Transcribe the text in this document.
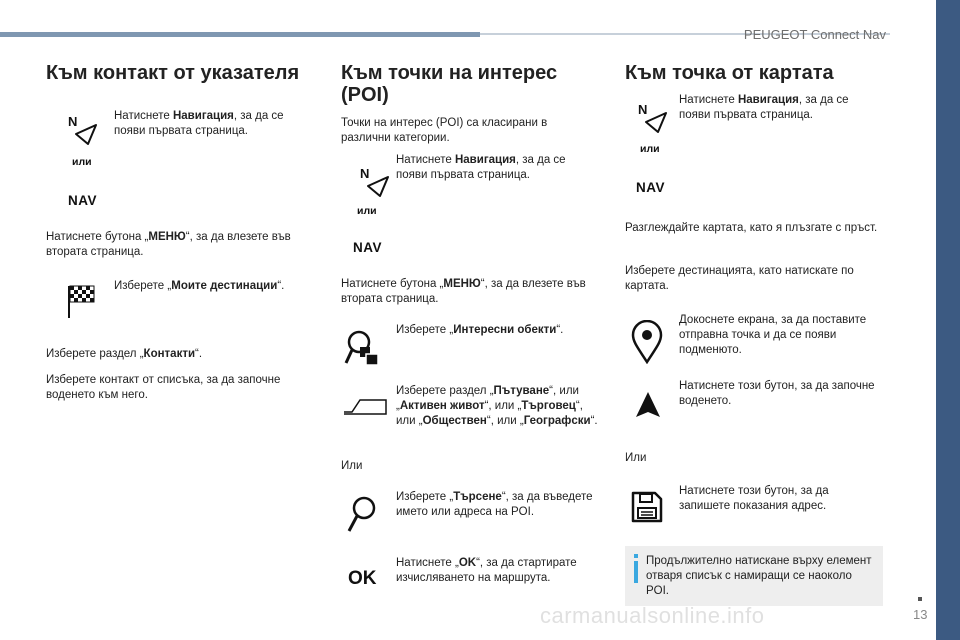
PEUGEOT Connect Nav
13
Към контакт от указателя
N
или
NAV
Натиснете Навигация, за да се появи първата страница.
Натиснете бутона „МЕНЮ“, за да влезете във втората страница.
Изберете „Моите дестинации“.
Изберете раздел „Контакти“.
Изберете контакт от списъка, за да започне воденето към него.
Към точки на интерес
(POI)
Точки на интерес (POI) са класирани в различни категории.
N
или
NAV
Натиснете Навигация, за да се появи първата страница.
Натиснете бутона „МЕНЮ“, за да влезете във втората страница.
Изберете „Интересни обекти“.
Изберете раздел „Пътуване“, или „Активен живот“, или „Търговец“, или „Обществен“, или „Географски“.
Или
Изберете „Търсене“, за да въведете името или адреса на POI.
OK
Натиснете „OK“, за да стартирате изчисляването на маршрута.
Към точка от картата
N
или
NAV
Натиснете Навигация, за да се появи първата страница.
Разглеждайте картата, като я плъзгате с пръст.
Изберете дестинацията, като натискате по картата.
Докоснете екрана, за да поставите отправна точка и да се появи подменюто.
Натиснете този бутон, за да започне воденето.
Или
Натиснете този бутон, за да запишете показания адрес.
Продължително натискане върху елемент отваря списък с намиращи се наоколо POI.
carmanualsonline.info
